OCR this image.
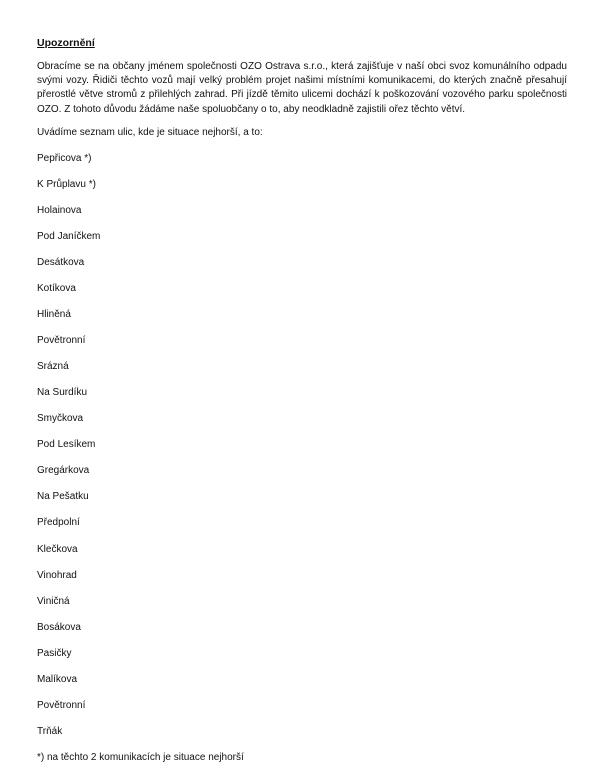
Upozornění

Obracíme se na občany jménem společnosti OZO Ostrava s.r.o., která zajišťuje v naší obci svoz komunálního odpadu svými vozy. Řidiči těchto vozů mají velký problém projet našimi místními komunikacemi, do kterých značně přesahují přerostlé větve stromů z přilehlých zahrad. Při jízdě těmito ulicemi dochází k poškozování vozového parku společnosti OZO. Z tohoto důvodu žádáme naše spoluobčany o to, aby neodkladně zajistili ořez těchto větví.

Uvádíme seznam ulic, kde je situace nejhorší, a to:

Pepřicova *)
K Průplavu *)
Holainova
Pod Janíčkem
Desátkova
Kotíkova
Hliněná
Povětronní
Srázná
Na Surdíku
Smyčkova
Pod Lesíkem
Gregárkova
Na Pešatku
Předpolní
Klečkova
Vinohrad
Viničná
Bosákova
Pasičky
Malíkova
Povětronní
Trňák

*) na těchto 2 komunikacích je situace nejhorší
